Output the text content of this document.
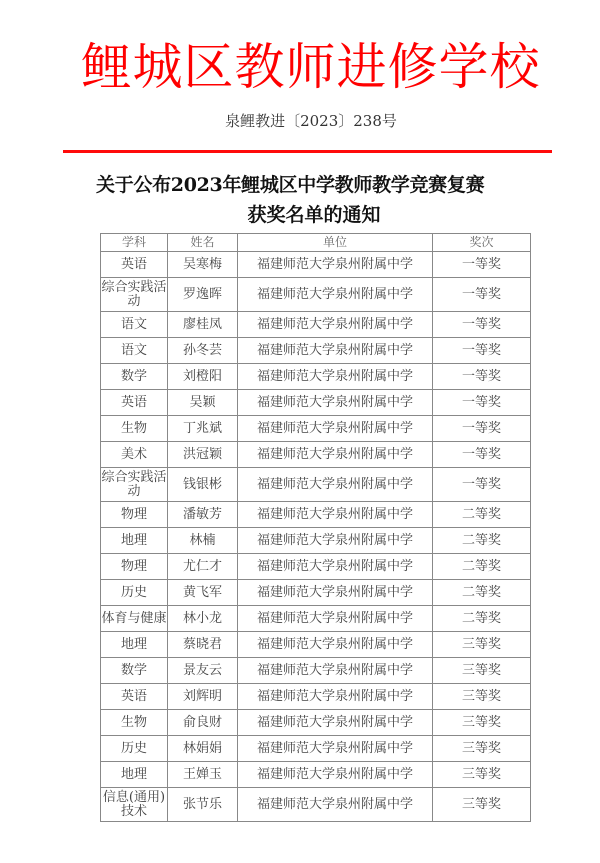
鲤城区教师进修学校
泉鲤教进〔2023〕238号
关于公布2023年鲤城区中学教师教学竞赛复赛
获奖名单的通知
学科	姓名	单位	奖次
英语	吴寒梅	福建师范大学泉州附属中学	一等奖
综合实践活动	罗逸晖	福建师范大学泉州附属中学	一等奖
语文	廖桂凤	福建师范大学泉州附属中学	一等奖
语文	孙冬芸	福建师范大学泉州附属中学	一等奖
数学	刘橙阳	福建师范大学泉州附属中学	一等奖
英语	吴颖	福建师范大学泉州附属中学	一等奖
生物	丁兆斌	福建师范大学泉州附属中学	一等奖
美术	洪冠颖	福建师范大学泉州附属中学	一等奖
综合实践活动	钱银彬	福建师范大学泉州附属中学	一等奖
物理	潘敏芳	福建师范大学泉州附属中学	二等奖
地理	林楠	福建师范大学泉州附属中学	二等奖
物理	尤仁才	福建师范大学泉州附属中学	二等奖
历史	黄飞军	福建师范大学泉州附属中学	二等奖
体育与健康	林小龙	福建师范大学泉州附属中学	二等奖
地理	蔡晓君	福建师范大学泉州附属中学	三等奖
数学	景友云	福建师范大学泉州附属中学	三等奖
英语	刘辉明	福建师范大学泉州附属中学	三等奖
生物	俞良财	福建师范大学泉州附属中学	三等奖
历史	林娟娟	福建师范大学泉州附属中学	三等奖
地理	王婵玉	福建师范大学泉州附属中学	三等奖
信息(通用)技术	张节乐	福建师范大学泉州附属中学	三等奖
